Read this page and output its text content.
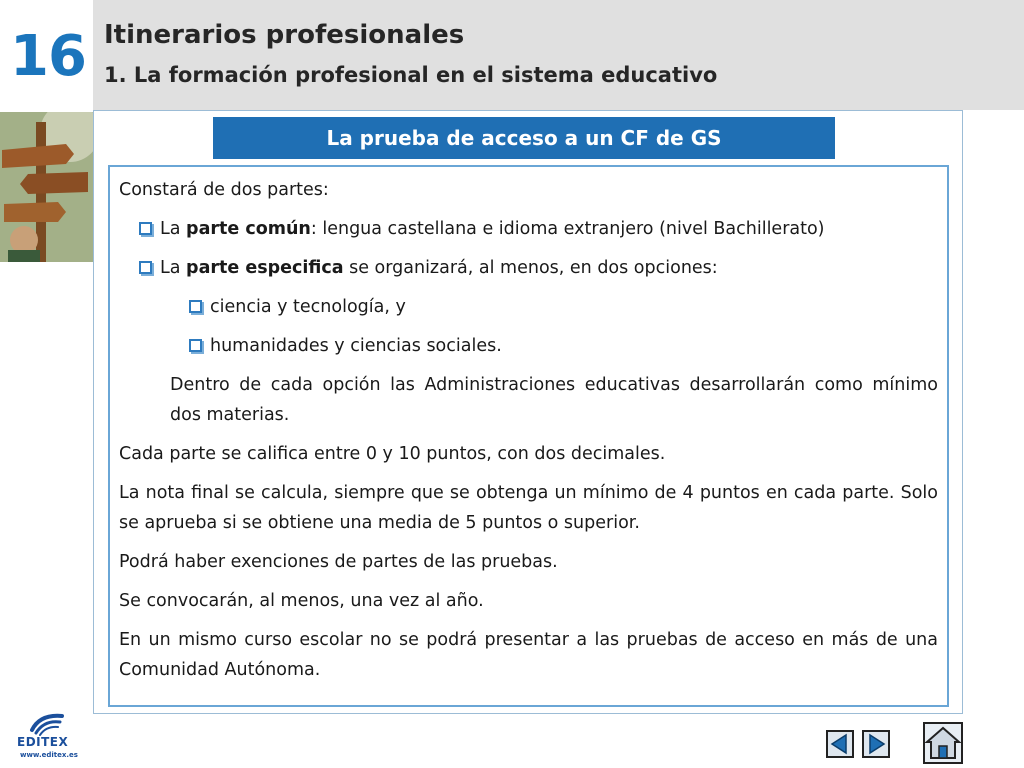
16 Itinerarios profesionales
1. La formación profesional en el sistema educativo
La prueba de acceso a un CF de GS

Constará de dos partes:

La parte común: lengua castellana e idioma extranjero (nivel Bachillerato)
La parte especifica se organizará, al menos, en dos opciones:
ciencia y tecnología, y
humanidades y ciencias sociales.

Dentro de cada opción las Administraciones educativas desarrollarán como mínimo dos materias.

Cada parte se califica entre 0 y 10 puntos, con dos decimales.

La nota final se calcula, siempre que se obtenga un mínimo de 4 puntos en cada parte. Solo se aprueba si se obtiene una media de 5 puntos o superior.

Podrá haber exenciones de partes de las pruebas.

Se convocarán, al menos, una vez al año.

En un mismo curso escolar no se podrá presentar a las pruebas de acceso en más de una Comunidad Autónoma.

EDITEX
www.editex.es
